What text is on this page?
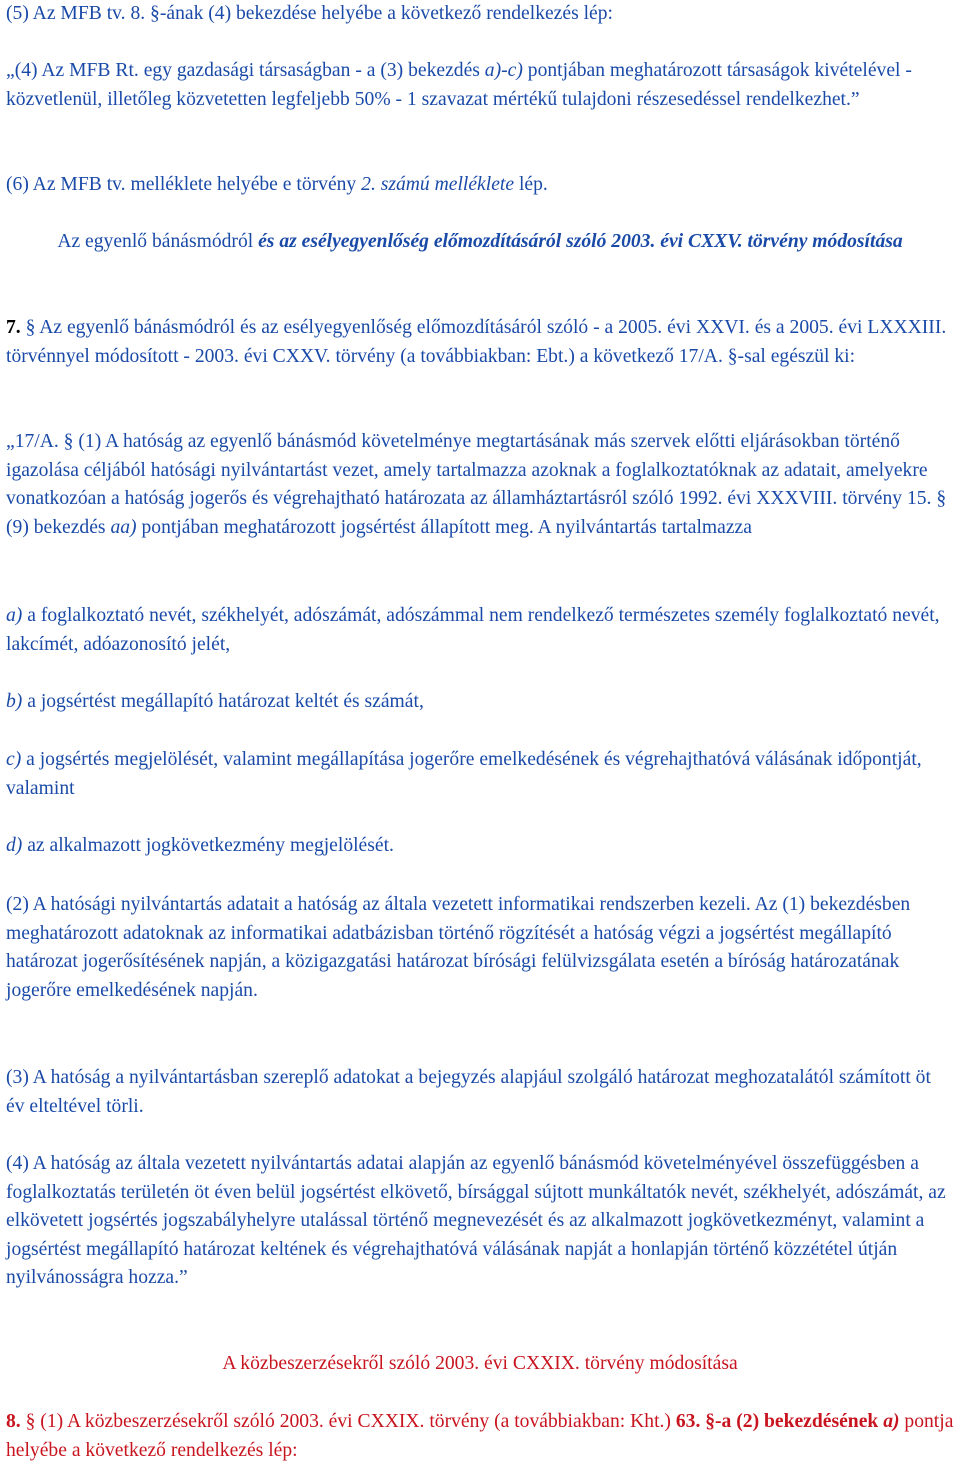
(5) Az MFB tv. 8. §-ának (4) bekezdése helyébe a következő rendelkezés lép:

„(4) Az MFB Rt. egy gazdasági társaságban - a (3) bekezdés a)-c) pontjában meghatározott társaságok kivételével - közvetlenül, illetőleg közvetetten legfeljebb 50% - 1 szavazat mértékű tulajdoni részesedéssel rendelkezhet.”

(6) Az MFB tv. melléklete helyébe e törvény 2. számú melléklete lép.

Az egyenlő bánásmódról és az esélyegyenlőség előmozdításáról szóló 2003. évi CXXV. törvény módosítása

7. § Az egyenlő bánásmódról és az esélyegyenlőség előmozdításáról szóló - a 2005. évi XXVI. és a 2005. évi LXXXIII. törvénnyel módosított - 2003. évi CXXV. törvény (a továbbiakban: Ebt.) a következő 17/A. §-sal egészül ki:

„17/A. § (1) A hatóság az egyenlő bánásmód követelménye megtartásának más szervek előtti eljárásokban történő igazolása céljából hatósági nyilvántartást vezet, amely tartalmazza azoknak a foglalkoztatóknak az adatait, amelyekre vonatkozóan a hatóság jogerős és végrehajtható határozata az államháztartásról szóló 1992. évi XXXVIII. törvény 15. § (9) bekezdés aa) pontjában meghatározott jogsértést állapított meg. A nyilvántartás tartalmazza

a) a foglalkoztató nevét, székhelyét, adószámát, adószámmal nem rendelkező természetes személy foglalkoztató nevét, lakcímét, adóazonosító jelét,

b) a jogsértést megállapító határozat keltét és számát,

c) a jogsértés megjelölését, valamint megállapítása jogerőre emelkedésének és végrehajthatóvá válásának időpontját, valamint

d) az alkalmazott jogkövetkezmény megjelölését.

(2) A hatósági nyilvántartás adatait a hatóság az általa vezetett informatikai rendszerben kezeli. Az (1) bekezdésben meghatározott adatoknak az informatikai adatbázisban történő rögzítését a hatóság végzi a jogsértést megállapító határozat jogerősítésének napján, a közigazgatási határozat bírósági felülvizsgálata esetén a bíróság határozatának jogerőre emelkedésének napján.

(3) A hatóság a nyilvántartásban szereplő adatokat a bejegyzés alapjául szolgáló határozat meghozatalától számított öt év elteltével törli.

(4) A hatóság az általa vezetett nyilvántartás adatai alapján az egyenlő bánásmód követelményével összefüggésben a foglalkoztatás területén öt éven belül jogsértést elkövető, bírsággal sújtott munkáltatók nevét, székhelyét, adószámát, az elkövetett jogsértés jogszabályhelyre utalással történő megnevezését és az alkalmazott jogkövetkezményt, valamint a jogsértést megállapító határozat keltének és végrehajthatóvá válásának napját a honlapján történő közzététel útján nyilvánosságra hozza.”

A közbeszerzésekről szóló 2003. évi CXXIX. törvény módosítása

8. § (1) A közbeszerzésekről szóló 2003. évi CXXIX. törvény (a továbbiakban: Kht.) 63. §-a (2) bekezdésének a) pontja helyébe a következő rendelkezés lép:
